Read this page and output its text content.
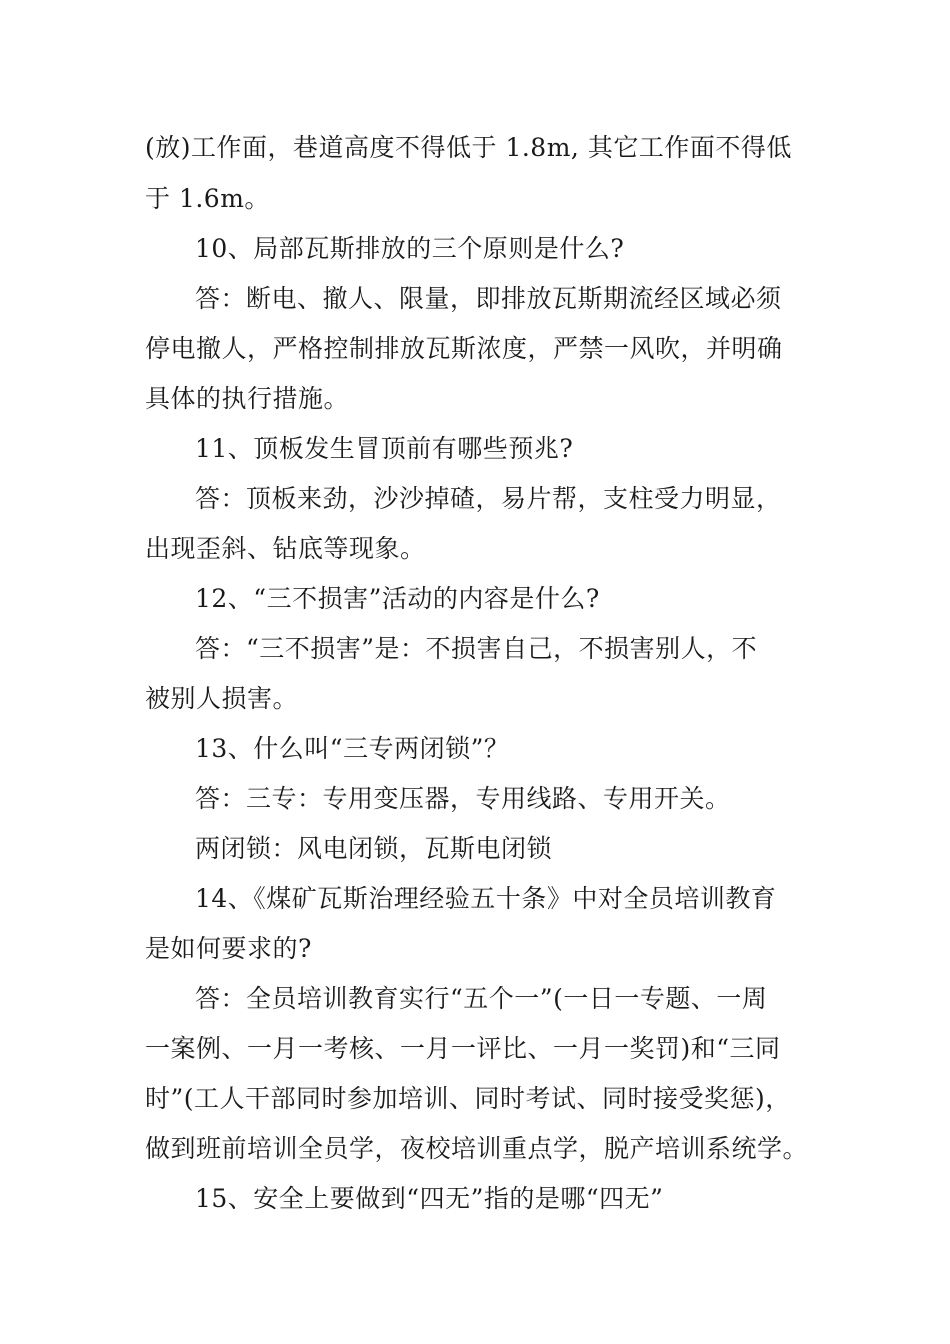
(放)工作面，巷道高度不得低于 1.8m, 其它工作面不得低
于 1.6m。
10、局部瓦斯排放的三个原则是什么?
答：断电、撤人、限量，即排放瓦斯期流经区域必须
停电撤人，严格控制排放瓦斯浓度，严禁一风吹，并明确
具体的执行措施。
11、顶板发生冒顶前有哪些预兆?
答：顶板来劲，沙沙掉碴，易片帮，支柱受力明显，
出现歪斜、钻底等现象。
12、“三不损害”活动的内容是什么?
答：“三不损害”是：不损害自己，不损害别人，不
被别人损害。
13、什么叫“三专两闭锁”？
答：三专：专用变压器，专用线路、专用开关。
两闭锁：风电闭锁，瓦斯电闭锁
14、《煤矿瓦斯治理经验五十条》中对全员培训教育
是如何要求的?
答：全员培训教育实行“五个一”(一日一专题、一周
一案例、一月一考核、一月一评比、一月一奖罚)和“三同
时”(工人干部同时参加培训、同时考试、同时接受奖惩)，
做到班前培训全员学，夜校培训重点学，脱产培训系统学。
15、安全上要做到“四无”指的是哪“四无”
